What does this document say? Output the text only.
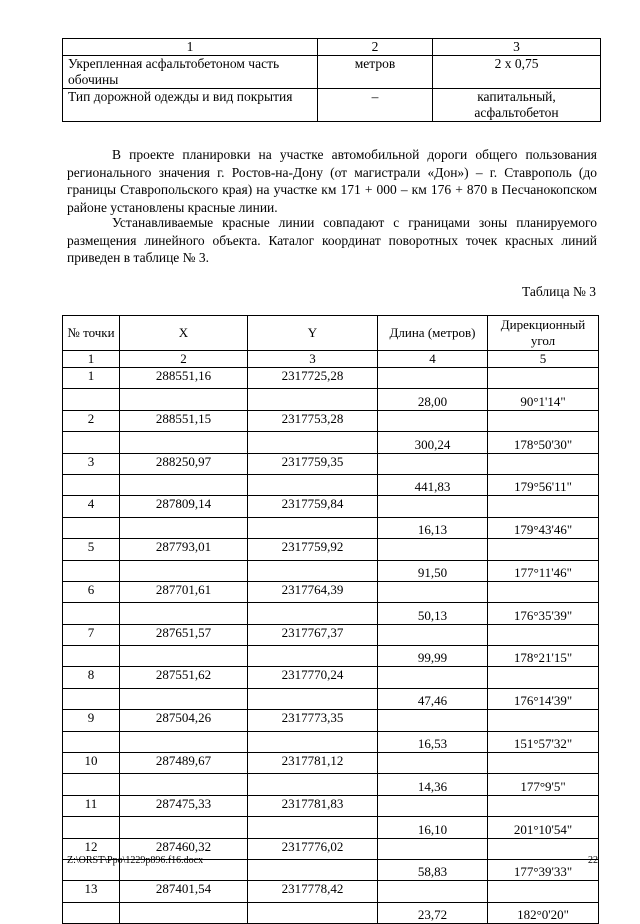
1	2	3
Укрепленная асфальтобетоном часть обочины	метров	2 х 0,75
Тип дорожной одежды и вид покрытия	–	капитальный, асфальтобетон

В проекте планировки на участке автомобильной дороги общего пользования регионального значения г. Ростов-на-Дону (от магистрали «Дон») – г. Ставрополь (до границы Ставропольского края) на участке км 171 + 000 – км 176 + 870 в Песчанокопском районе установлены красные линии.

Устанавливаемые красные линии совпадают с границами зоны планируемого размещения линейного объекта. Каталог координат поворотных точек красных линий приведен в таблице № 3.

Таблица № 3
№ точки	X	Y	Длина (метров)	Дирекционный угол
1	2	3	4	5
1	288551,16	2317725,28		
			28,00	90°1'14"
2	288551,15	2317753,28		
			300,24	178°50'30"
3	288250,97	2317759,35		
			441,83	179°56'11"
4	287809,14	2317759,84		
			16,13	179°43'46"
5	287793,01	2317759,92		
			91,50	177°11'46"
6	287701,61	2317764,39		
			50,13	176°35'39"
7	287651,57	2317767,37		
			99,99	178°21'15"
8	287551,62	2317770,24		
			47,46	176°14'39"
9	287504,26	2317773,35		
			16,53	151°57'32"
10	287489,67	2317781,12		
			14,36	177°9'5"
11	287475,33	2317781,83		
			16,10	201°10'54"
12	287460,32	2317776,02		
			58,83	177°39'33"
13	287401,54	2317778,42		
			23,72	182°0'20"
Z:\ORST\Ppo\1229p896.f16.docx	22
